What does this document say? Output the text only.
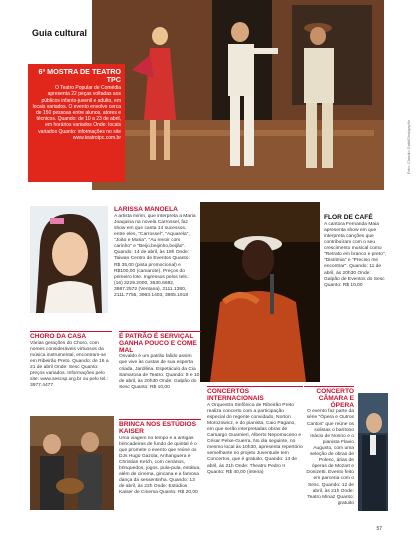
Guia cultural
Foto: Claudio Gatti/Divulgação
6ª MOSTRA DE TEATRO TPC
O Teatro Popular de Comédia apresenta 22 peças voltadas aos públicos infanto-juvenil e adulto, em locais variados. O evento envolve cerca de 150 pessoas entre alunos, atores e técnicos. Quando: de 10 a 23 de abril, em horários variados Onde: locais variados Quanto: informações no site www.teatrotpc.com.br
LARISSA MANOELA
A artista mirim, que interpreta a Maria Joaquina na novela Carrossel, faz show em que canta 14 sucessos, entre eles, "Carrossel", "Aquarela", "João e Maria", "Au revoir com carinho" e "Beijo,beijinho,beijão". Quando: 14 de abril, às 19h Onde: Taiwan Centro de Eventos Quanto: R$ 35,00 (pista promocional) e R$100,00 (camarote). Preços do primeiro lote. Ingressos pelos tels.: (16) 3229.2000, 3630.6682, 3987.2572 (Ventana), 2111.1380, 2111.7755, 3963.1403, 3965.1918
FLOR DE CAFÉ
A cantora Fernanda Maia apresenta show em que interpreta canções que contribuíram com o seu crescimento musical como "Retrato em branco e preto", "Disritmia" e "Preciso me encontrar". Quando: 11 de abril, às 20h30 Onde: Galpão de Eventos do Sesc Quanto: R$ 10,00
CHORO DA CASA
Várias gerações do Choro, com nomes consideráveis virtuosos da música instrumental, encontram-se em Ribeirão Preto. Quando: de 16 a 21 de abril Onde: Sesc Quanto: preços variados. Informações pelo site: www.sescsp.org.br ou pelo tel.: 3977.4477
É PATRÃO É SERVIÇAL GANHA POUCO E COME MAL
Osvaldo é um patrão falido assim que vive às custas de sua esperta criada, Jardilina. Espetáculo da Cia Samarosa de Teatro. Quando: 9 e 10 de abril, às 20h30 Onde: Galpão do Sesc Quanto: R$ 10,00
BRINCA NOS ESTÚDIOS KAISER
Uma viagem no tempo e a antigas brincadeiras de fundo de quintal é o que promete o evento que reúne os DJs Hugo Gazola, Anhanguera e Christian Kelch, com cenários, brinquedos, jogos, pula-pula, estátua, além de cinema, gincana e a famosa dança da sessentinha. Quando: 13 de abril, às 22h Onde: Estúdios Kaiser de Cinema Quanto: R$ 20,00
CONCERTOS INTERNACIONAIS
A Orquestra Sinfônica de Ribeirão Preto realiza concerto com a participação especial do regente convidado, Norton Morozowicz, e do pianista, Caio Pagano, em que serão interpretadas obras de Camargo Guarnieri, Alberto Nepomuceno e César Pelxe-Guerra. No dia seguinte, no mesmo local às 10h30, apresenta repertório semelhante no projeto Juventude tem Concertos, que é gratuito. Quando: 13 de abril, às 21h Onde: Theatro Pedro II Quanto: R$ 40,00 (inteira)
CONCERTO CÂMARA E ÓPERA
O evento faz parte da série "Ópera e Outros Cantos" que reúne os solistas o barítono Inácio de Nonno e o pianista Flavio Augusto, com uma seleção de obras de Polenc, árias de óperas de Mozart e Donizetti. Evento feito em parceria com o Sesc. Quando: 12 de abril, às 21h Onde: Teatro Minaz Quanto: gratuito
57
